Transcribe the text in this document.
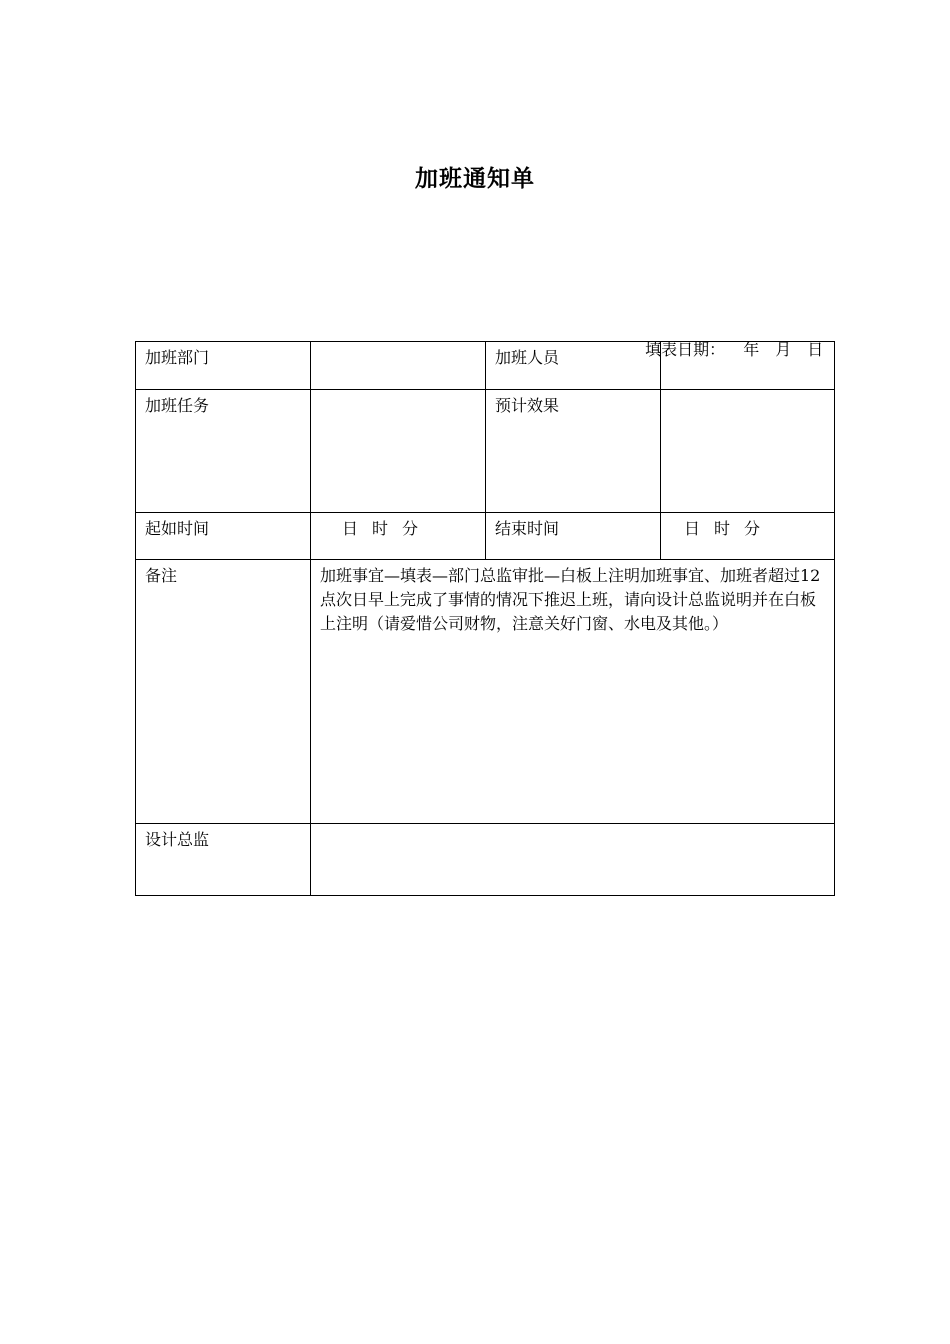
加班通知单

填表日期： 年 月 日

加班部门		加班人员	
加班任务		预计效果	
起如时间	日 时 分	结束时间	日 时 分
备注	加班事宜—填表—部门总监审批—白板上注明加班事宜、加班者超过12点次日早上完成了事情的情况下推迟上班，请向设计总监说明并在白板上注明（请爱惜公司财物，注意关好门窗、水电及其他。）		
设计总监			
